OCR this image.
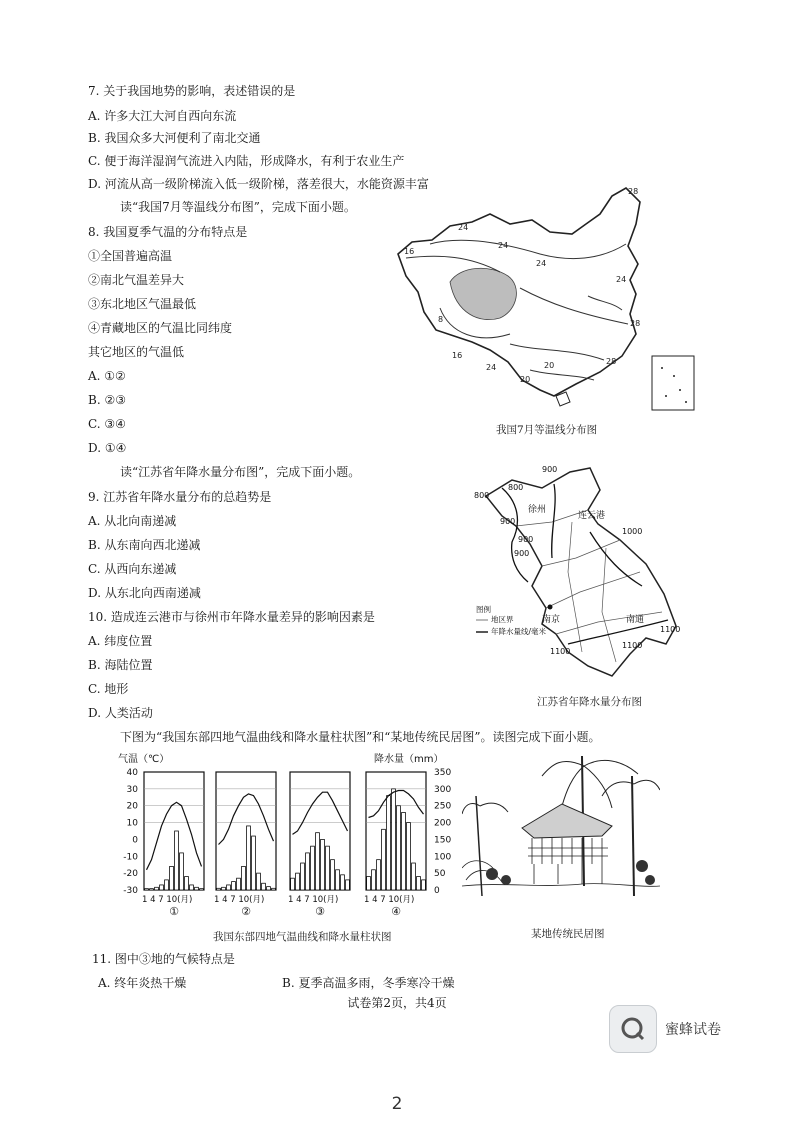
7. 关于我国地势的影响，表述错误的是
A. 许多大江大河自西向东流
B. 我国众多大河便利了南北交通
C. 便于海洋湿润气流进入内陆，形成降水，有利于农业生产
D. 河流从高一级阶梯流入低一级阶梯，落差很大，水能资源丰富
读“我国7月等温线分布图”，完成下面小题。
8. 我国夏季气温的分布特点是
①全国普遍高温
②南北气温差异大
③东北地区气温最低
④青藏地区的气温比同纬度
其它地区的气温低
A. ①②
B. ②③
C. ③④
D. ①④
读“江苏省年降水量分布图”，完成下面小题。
9. 江苏省年降水量分布的总趋势是
A. 从北向南递减
B. 从东南向西北递减
C. 从西向东递减
D. 从东北向西南递减
10. 造成连云港市与徐州市年降水量差异的影响因素是
A. 纬度位置
B. 海陆位置
C. 地形
D. 人类活动
下图为“我国东部四地气温曲线和降水量柱状图”和“某地传统民居图”。读图完成下面小题。
28
24
24
24
16
24
28
8
16
24
28
20
20
我国7月等温线分布图
900
800
800
900
900
900
1000
1100
1100
1100
徐州
连云港
南通
南京
图例
地区界
年降水量线/毫米
江苏省年降水量分布图
气温（℃）	降水量（mm）
40
30
20
10
0
-10
-20
-30
350
300
250
200
150
100
50
0
1 4 7 10(月)
①
1 4 7 10(月)
②
1 4 7 10(月)
③
1 4 7 10(月)
④
我国东部四地气温曲线和降水量柱状图	某地传统民居图
11. 图中③地的气候特点是
A. 终年炎热干燥	B. 夏季高温多雨，冬季寒冷干燥
试卷第2页，共4页
2
蜜蜂试卷
